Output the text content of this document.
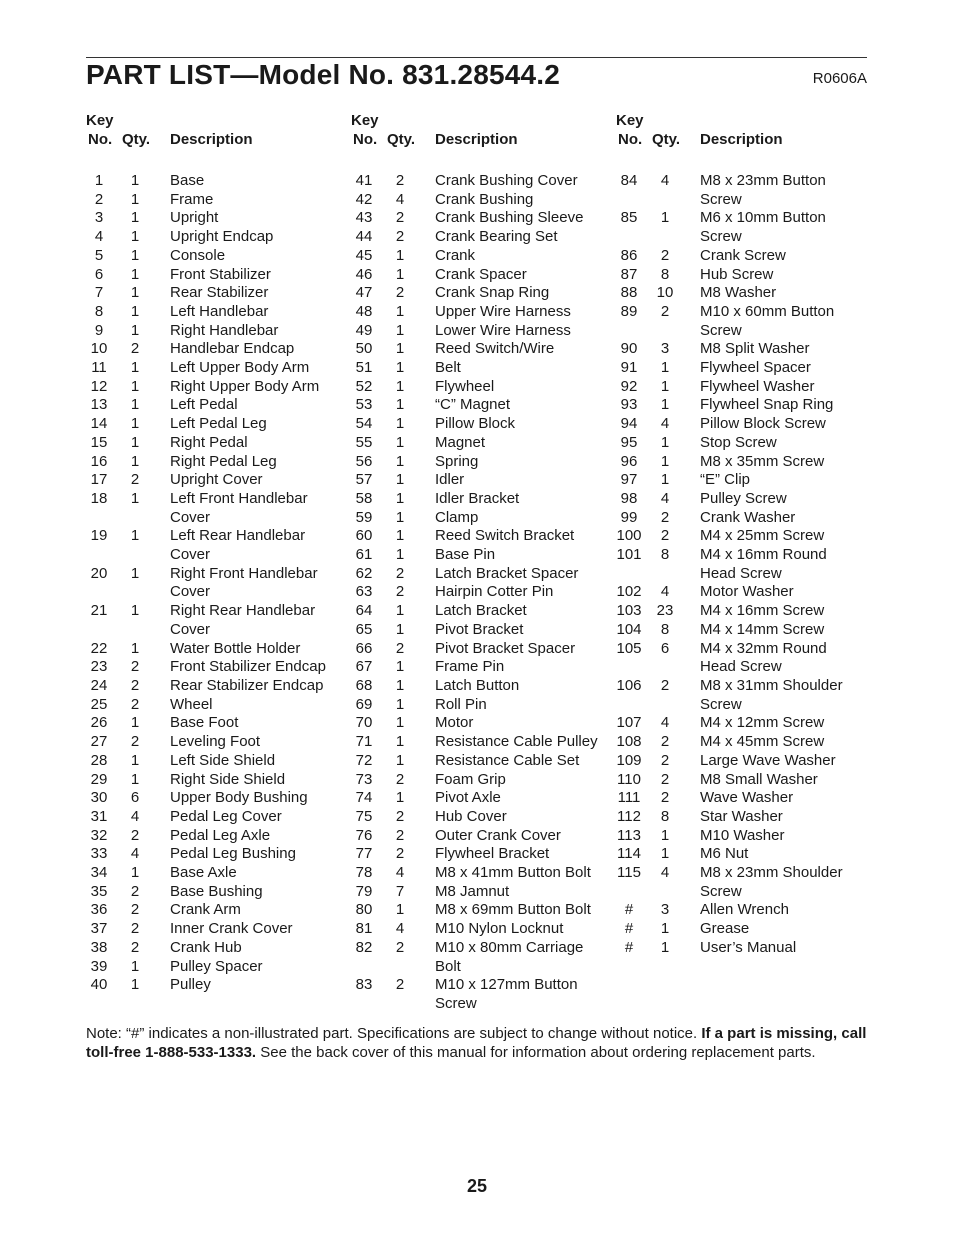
PART LIST—Model No. 831.28544.2	R0606A
Key
No. Qty. Description
1	1	Base
2	1	Frame
3	1	Upright
4	1	Upright Endcap
5	1	Console
6	1	Front Stabilizer
7	1	Rear Stabilizer
8	1	Left Handlebar
9	1	Right Handlebar
10	2	Handlebar Endcap
11	1	Left Upper Body Arm
12	1	Right Upper Body Arm
13	1	Left Pedal
14	1	Left Pedal Leg
15	1	Right Pedal
16	1	Right Pedal Leg
17	2	Upright Cover
18	1	Left Front Handlebar
Cover
19	1	Left Rear Handlebar
Cover
20	1	Right Front Handlebar
Cover
21	1	Right Rear Handlebar
Cover
22	1	Water Bottle Holder
23	2	Front Stabilizer Endcap
24	2	Rear Stabilizer Endcap
25	2	Wheel
26	1	Base Foot
27	2	Leveling Foot
28	1	Left Side Shield
29	1	Right Side Shield
30	6	Upper Body Bushing
31	4	Pedal Leg Cover
32	2	Pedal Leg Axle
33	4	Pedal Leg Bushing
34	1	Base Axle
35	2	Base Bushing
36	2	Crank Arm
37	2	Inner Crank Cover
38	2	Crank Hub
39	1	Pulley Spacer
40	1	Pulley
Key
No. Qty. Description
41	2	Crank Bushing Cover
42	4	Crank Bushing
43	2	Crank Bushing Sleeve
44	2	Crank Bearing Set
45	1	Crank
46	1	Crank Spacer
47	2	Crank Snap Ring
48	1	Upper Wire Harness
49	1	Lower Wire Harness
50	1	Reed Switch/Wire
51	1	Belt
52	1	Flywheel
53	1	“C” Magnet
54	1	Pillow Block
55	1	Magnet
56	1	Spring
57	1	Idler
58	1	Idler Bracket
59	1	Clamp
60	1	Reed Switch Bracket
61	1	Base Pin
62	2	Latch Bracket Spacer
63	2	Hairpin Cotter Pin
64	1	Latch Bracket
65	1	Pivot Bracket
66	2	Pivot Bracket Spacer
67	1	Frame Pin
68	1	Latch Button
69	1	Roll Pin
70	1	Motor
71	1	Resistance Cable Pulley
72	1	Resistance Cable Set
73	2	Foam Grip
74	1	Pivot Axle
75	2	Hub Cover
76	2	Outer Crank Cover
77	2	Flywheel Bracket
78	4	M8 x 41mm Button Bolt
79	7	M8 Jamnut
80	1	M8 x 69mm Button Bolt
81	4	M10 Nylon Locknut
82	2	M10 x 80mm Carriage
Bolt
83	2	M10 x 127mm Button
Screw
Key
No. Qty. Description
84	4	M8 x 23mm Button
Screw
85	1	M6 x 10mm Button
Screw
86	2	Crank Screw
87	8	Hub Screw
88	10	M8 Washer
89	2	M10 x 60mm Button
Screw
90	3	M8 Split Washer
91	1	Flywheel Spacer
92	1	Flywheel Washer
93	1	Flywheel Snap Ring
94	4	Pillow Block Screw
95	1	Stop Screw
96	1	M8 x 35mm Screw
97	1	“E” Clip
98	4	Pulley Screw
99	2	Crank Washer
100	2	M4 x 25mm Screw
101	8	M4 x 16mm Round
Head Screw
102	4	Motor Washer
103	23	M4 x 16mm Screw
104	8	M4 x 14mm Screw
105	6	M4 x 32mm Round
Head Screw
106	2	M8 x 31mm Shoulder
Screw
107	4	M4 x 12mm Screw
108	2	M4 x 45mm Screw
109	2	Large Wave Washer
110	2	M8 Small Washer
111	2	Wave Washer
112	8	Star Washer
113	1	M10 Washer
114	1	M6 Nut
115	4	M8 x 23mm Shoulder
Screw
#	3	Allen Wrench
#	1	Grease
#	1	User’s Manual
Note: “#” indicates a non-illustrated part. Specifications are subject to change without notice. If a part is missing, call toll-free 1-888-533-1333. See the back cover of this manual for information about ordering replacement parts.
25
